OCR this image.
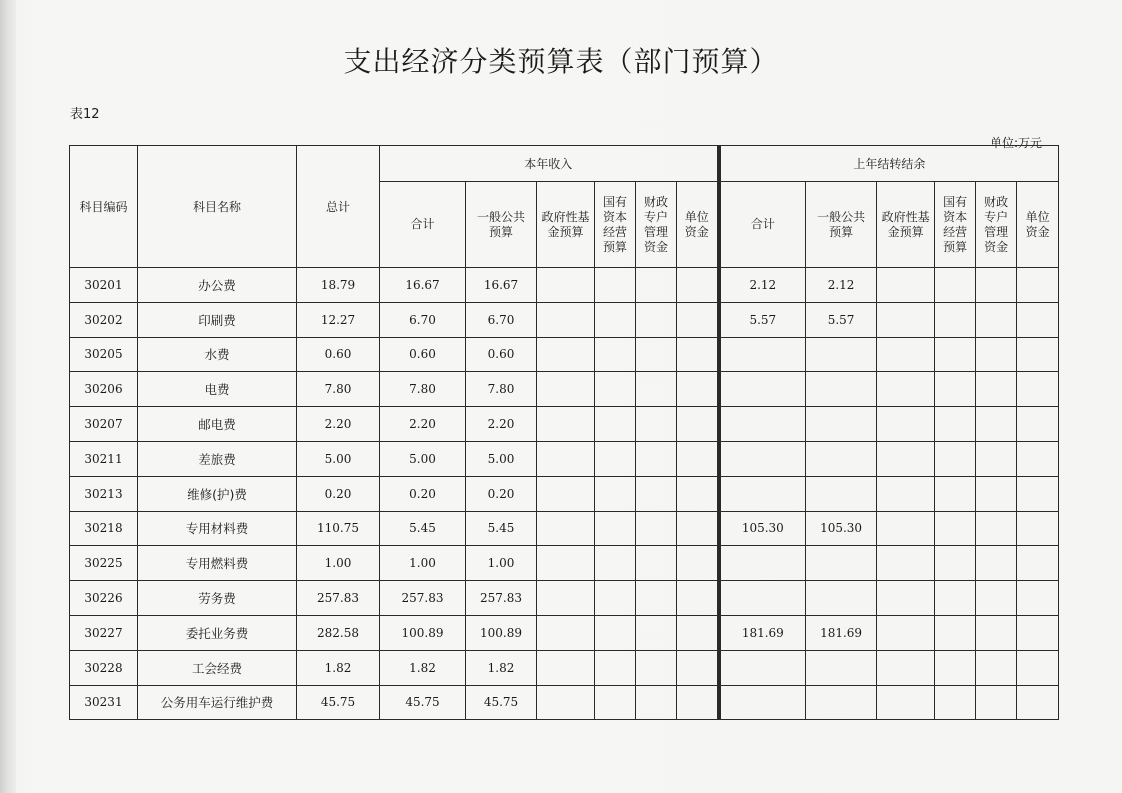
支出经济分类预算表（部门预算）
表12
单位:万元
科目编码	科目名称	总计	本年收入						上年结转结余					
			合计	一般公共预算	政府性基金预算	国有资本经营预算	财政专户管理资金	单位资金	合计	一般公共预算	政府性基金预算	国有资本经营预算	财政专户管理资金	单位资金
30201	办公费	18.79	16.67	16.67					2.12	2.12				
30202	印刷费	12.27	6.70	6.70					5.57	5.57				
30205	水费	0.60	0.60	0.60										
30206	电费	7.80	7.80	7.80										
30207	邮电费	2.20	2.20	2.20										
30211	差旅费	5.00	5.00	5.00										
30213	维修(护)费	0.20	0.20	0.20										
30218	专用材料费	110.75	5.45	5.45					105.30	105.30				
30225	专用燃料费	1.00	1.00	1.00										
30226	劳务费	257.83	257.83	257.83										
30227	委托业务费	282.58	100.89	100.89					181.69	181.69				
30228	工会经费	1.82	1.82	1.82										
30231	公务用车运行维护费	45.75	45.75	45.75										
